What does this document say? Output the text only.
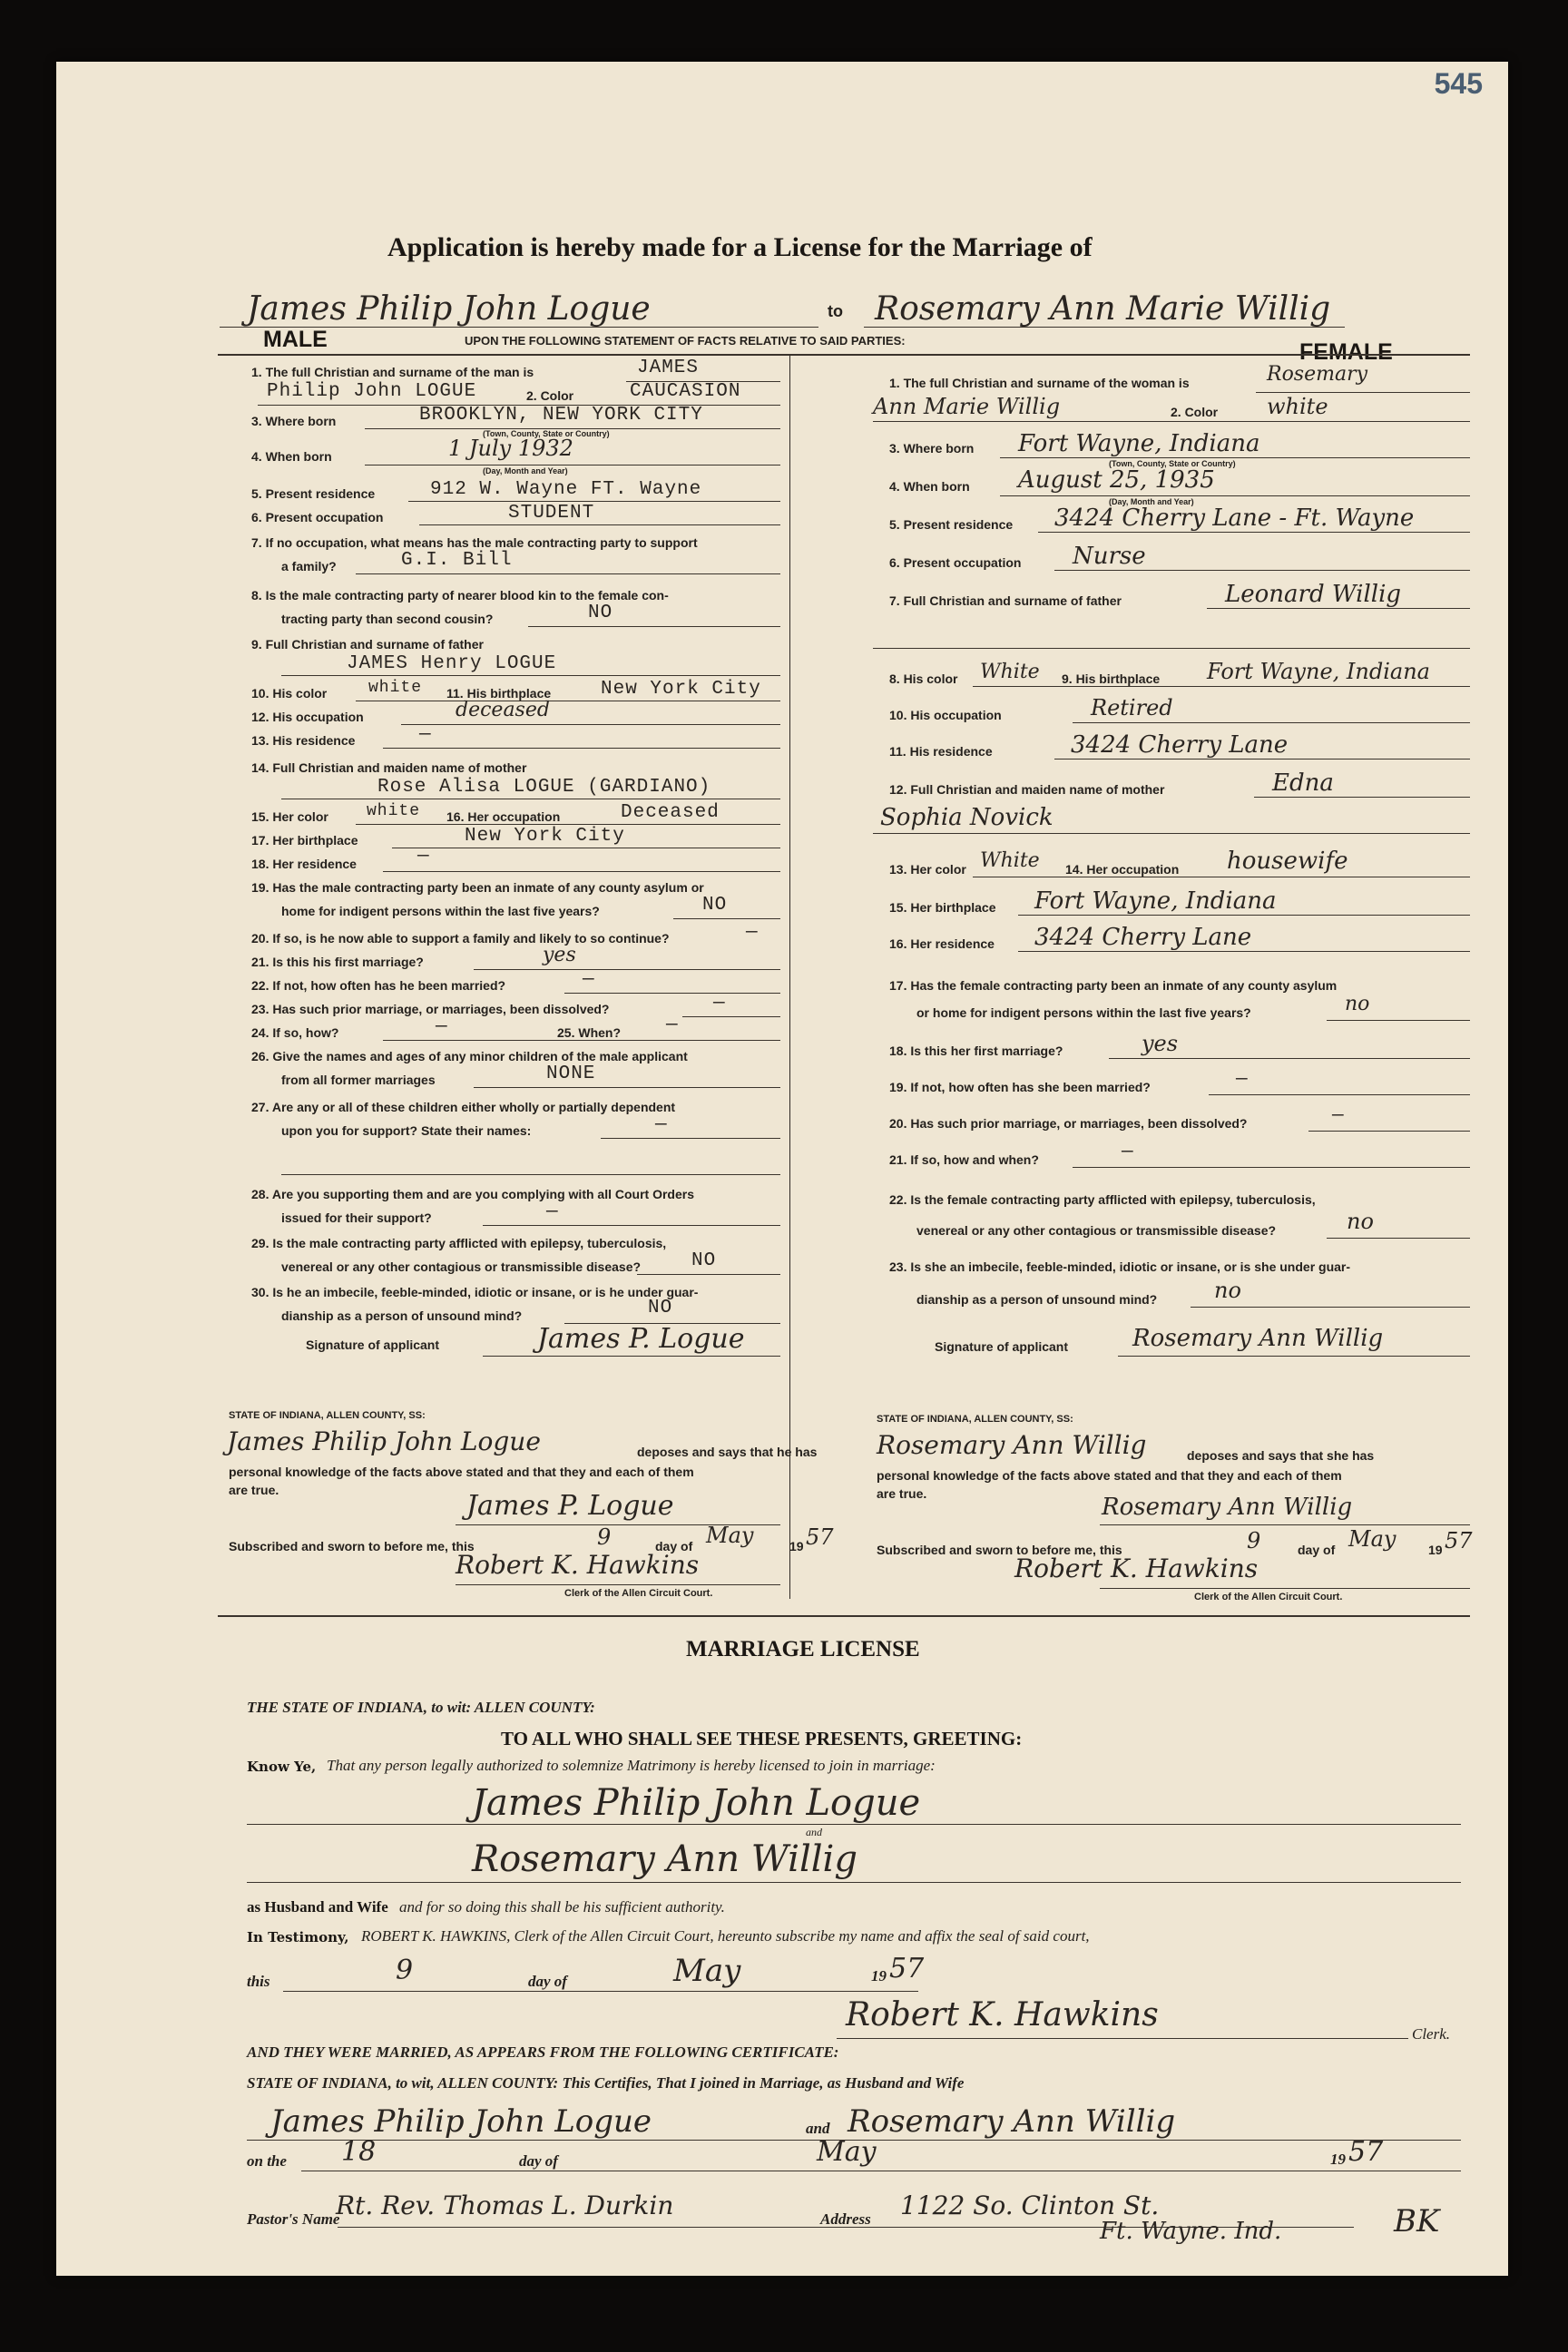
545
Application is hereby made for a License for the Marriage of
James Philip John Logue	to Rosemary Ann Marie Willig
MALE	FEMALE
UPON THE FOLLOWING STATEMENT OF FACTS RELATIVE TO SAID PARTIES:
1. The full Christian and surname of the man is	JAMES
Philip John LOGUE	2. Color	CAUCASION
3. Where born	BROOKLYN, NEW YORK CITY
(Town, County, State or Country)
4. When born	1 July 1932
(Day, Month and Year)
5. Present residence	912 W. Wayne FT. Wayne
6. Present occupation	STUDENT
7. If no occupation, what means has the male contracting party to support
a family?	G.I. Bill
8. Is the male contracting party of nearer blood kin to the female con-
tracting party than second cousin?	NO
9. Full Christian and surname of father
JAMES Henry LOGUE
10. His color	white 11. His birthplace	New York City
12. His occupation	deceased
13. His residence	—
14. Full Christian and maiden name of mother
Rose Alisa LOGUE (GARDIANO)
15. Her color white 16. Her occupation	Deceased
17. Her birthplace	New York City
18. Her residence	—
19. Has the male contracting party been an inmate of any county asylum or
home for indigent persons within the last five years?	NO
20. If so, is he now able to support a family and likely to so continue?	—
21. Is this his first marriage?	yes
22. If not, how often has he been married?	—
23. Has such prior marriage, or marriages, been dissolved?	—
24. If so, how?	—	25. When? —
26. Give the names and ages of any minor children of the male applicant
from all former marriages	NONE
27. Are any or all of these children either wholly or partially dependent
upon you for support? State their names:	—
28. Are you supporting them and are you complying with all Court Orders
issued for their support?	—
29. Is the male contracting party afflicted with epilepsy, tuberculosis,
venereal or any other contagious or transmissible disease?	NO
30. Is he an imbecile, feeble-minded, idiotic or insane, or is he under guar-
dianship as a person of unsound mind?	NO
Signature of applicant	James P. Logue
1. The full Christian and surname of the woman is	Rosemary
Ann Marie Willig	2. Color white
3. Where born Fort Wayne, Indiana
(Town, County, State or Country)
4. When born August 25, 1935
(Day, Month and Year)
5. Present residence 3424 Cherry Lane - Ft. Wayne
6. Present occupation Nurse
7. Full Christian and surname of father	Leonard Willig
8. His color White 9. His birthplace Fort Wayne, Indiana
10. His occupation	Retired
11. His residence	3424 Cherry Lane
12. Full Christian and maiden name of mother	Edna
Sophia Novick
13. Her color White 14. Her occupation housewife
15. Her birthplace Fort Wayne, Indiana
16. Her residence 3424 Cherry Lane
17. Has the female contracting party been an inmate of any county asylum
or home for indigent persons within the last five years?	no
18. Is this her first marriage?	yes
19. If not, how often has she been married?	—
20. Has such prior marriage, or marriages, been dissolved?	—
21. If so, how and when?	—
22. Is the female contracting party afflicted with epilepsy, tuberculosis,
venereal or any other contagious or transmissible disease?	no
23. Is she an imbecile, feeble-minded, idiotic or insane, or is she under guar-
dianship as a person of unsound mind?	no
Signature of applicant	Rosemary Ann Willig
STATE OF INDIANA, ALLEN COUNTY, SS:
James Philip John Logue	deposes and says that he has
personal knowledge of the facts above stated and that they and each of them
are true.	James P. Logue
Subscribed and sworn to before me, this	9	day of May	19 57
Robert K. Hawkins
Clerk of the Allen Circuit Court.
STATE OF INDIANA, ALLEN COUNTY, SS:
Rosemary Ann Willig	deposes and says that she has
personal knowledge of the facts above stated and that they and each of them
are true.	Rosemary Ann Willig
Subscribed and sworn to before me, this	9	day of May	19 57
Robert K. Hawkins
Clerk of the Allen Circuit Court.
MARRIAGE LICENSE
THE STATE OF INDIANA, to wit: ALLEN COUNTY:
TO ALL WHO SHALL SEE THESE PRESENTS, GREETING:
Know Ye, That any person legally authorized to solemnize Matrimony is hereby licensed to join in marriage:
James Philip John Logue
and
Rosemary Ann Willig
as Husband and Wife and for so doing this shall be his sufficient authority.
In Testimony, ROBERT K. HAWKINS, Clerk of the Allen Circuit Court, hereunto subscribe my name and affix the seal of said court,
this	9	day of	May	19 57
Robert K. Hawkins
Clerk.
AND THEY WERE MARRIED, AS APPEARS FROM THE FOLLOWING CERTIFICATE:
STATE OF INDIANA, to wit, ALLEN COUNTY: This Certifies, That I joined in Marriage, as Husband and Wife
James Philip John Logue	and Rosemary Ann Willig
on the 18	day of	May	19 57
Pastor's Name
Rt. Rev. Thomas L. Durkin	Address 1122 So. Clinton St.
Ft. Wayne. Ind.	BK
